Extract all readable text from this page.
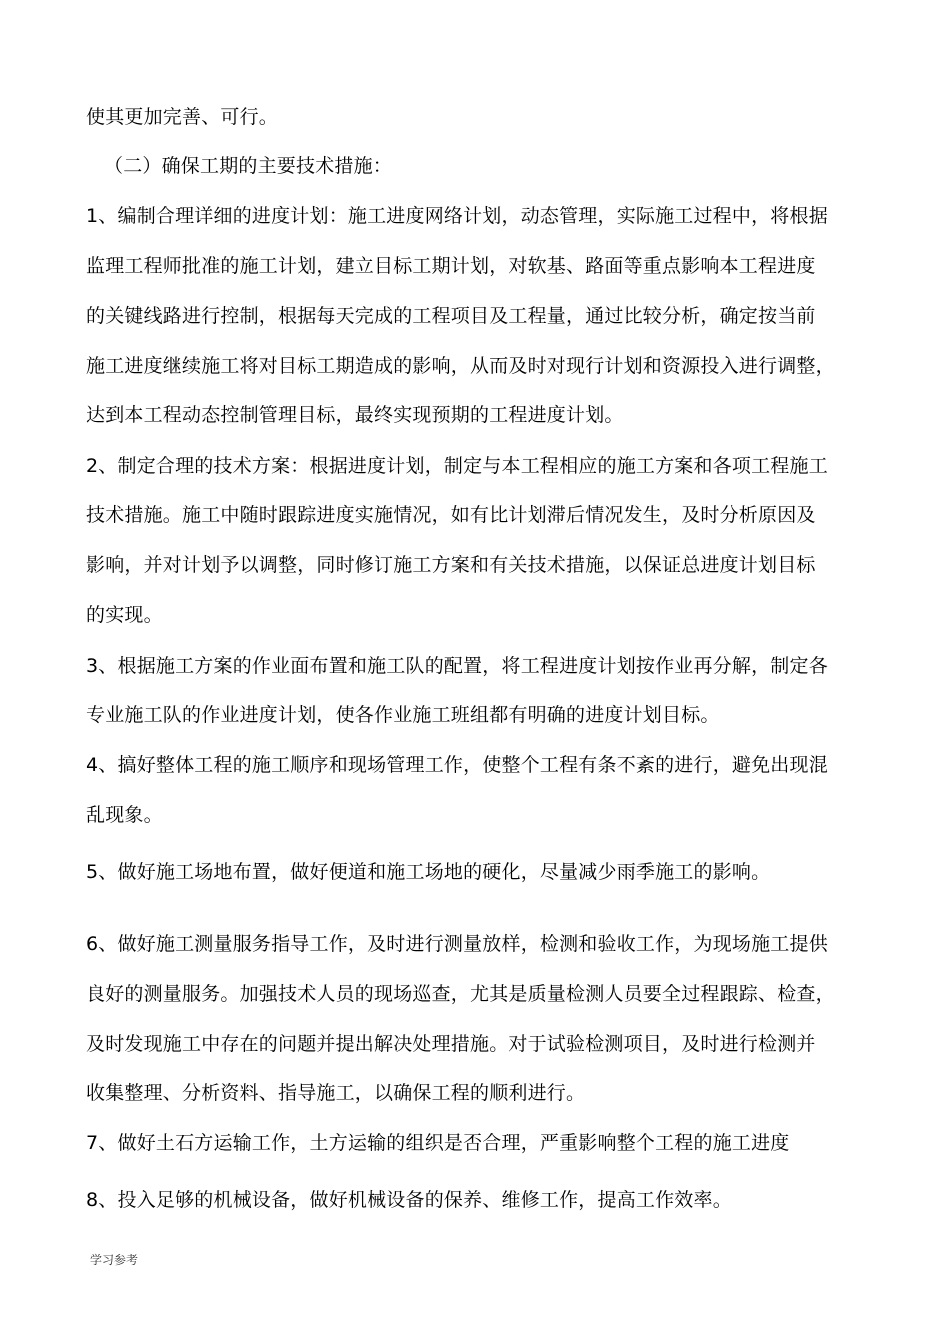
使其更加完善、可行。
（二）确保工期的主要技术措施：
1、编制合理详细的进度计划：施工进度网络计划，动态管理，实际施工过程中，将根据
监理工程师批准的施工计划，建立目标工期计划，对软基、路面等重点影响本工程进度
的关键线路进行控制，根据每天完成的工程项目及工程量，通过比较分析，确定按当前
施工进度继续施工将对目标工期造成的影响，从而及时对现行计划和资源投入进行调整，
达到本工程动态控制管理目标，最终实现预期的工程进度计划。
2、制定合理的技术方案：根据进度计划，制定与本工程相应的施工方案和各项工程施工
技术措施。施工中随时跟踪进度实施情况，如有比计划滞后情况发生，及时分析原因及
影响，并对计划予以调整，同时修订施工方案和有关技术措施，以保证总进度计划目标
的实现。
3、根据施工方案的作业面布置和施工队的配置，将工程进度计划按作业再分解，制定各
专业施工队的作业进度计划，使各作业施工班组都有明确的进度计划目标。
4、搞好整体工程的施工顺序和现场管理工作，使整个工程有条不紊的进行，避免出现混
乱现象。
5、做好施工场地布置，做好便道和施工场地的硬化，尽量减少雨季施工的影响。
6、做好施工测量服务指导工作，及时进行测量放样，检测和验收工作，为现场施工提供
良好的测量服务。加强技术人员的现场巡查，尤其是质量检测人员要全过程跟踪、检查，
及时发现施工中存在的问题并提出解决处理措施。对于试验检测项目，及时进行检测并
收集整理、分析资料、指导施工，以确保工程的顺利进行。
7、做好土石方运输工作，土方运输的组织是否合理，严重影响整个工程的施工进度
8、投入足够的机械设备，做好机械设备的保养、维修工作，提高工作效率。
学习参考
